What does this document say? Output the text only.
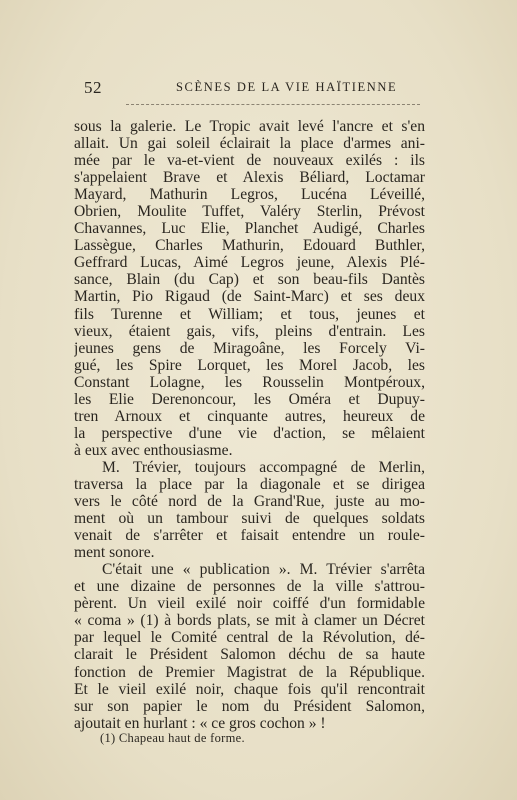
52	SCÈNES DE LA VIE HAÏTIENNE
sous la galerie. Le Tropic avait levé l'ancre et s'en
allait. Un gai soleil éclairait la place d'armes ani-
mée par le va-et-vient de nouveaux exilés : ils
s'appelaient Brave et Alexis Béliard, Loctamar
Mayard, Mathurin Legros, Lucéna Léveillé,
Obrien, Moulite Tuffet, Valéry Sterlin, Prévost
Chavannes, Luc Elie, Planchet Audigé, Charles
Lassègue, Charles Mathurin, Edouard Buthler,
Geffrard Lucas, Aimé Legros jeune, Alexis Plé-
sance, Blain (du Cap) et son beau-fils Dantès
Martin, Pio Rigaud (de Saint-Marc) et ses deux
fils Turenne et William; et tous, jeunes et
vieux, étaient gais, vifs, pleins d'entrain. Les
jeunes gens de Miragoâne, les Forcely Vi-
gué, les Spire Lorquet, les Morel Jacob, les
Constant Lolagne, les Rousselin Montpéroux,
les Elie Derenoncour, les Oméra et Dupuy-
tren Arnoux et cinquante autres, heureux de
la perspective d'une vie d'action, se mêlaient
à eux avec enthousiasme.
M. Trévier, toujours accompagné de Merlin,
traversa la place par la diagonale et se dirigea
vers le côté nord de la Grand'Rue, juste au mo-
ment où un tambour suivi de quelques soldats
venait de s'arrêter et faisait entendre un roule-
ment sonore.
C'était une « publication ». M. Trévier s'arrêta
et une dizaine de personnes de la ville s'attrou-
pèrent. Un vieil exilé noir coiffé d'un formidable
« coma » (1) à bords plats, se mit à clamer un Décret
par lequel le Comité central de la Révolution, dé-
clarait le Président Salomon déchu de sa haute
fonction de Premier Magistrat de la République.
Et le vieil exilé noir, chaque fois qu'il rencontrait
sur son papier le nom du Président Salomon,
ajoutait en hurlant : « ce gros cochon » !
(1) Chapeau haut de forme.
